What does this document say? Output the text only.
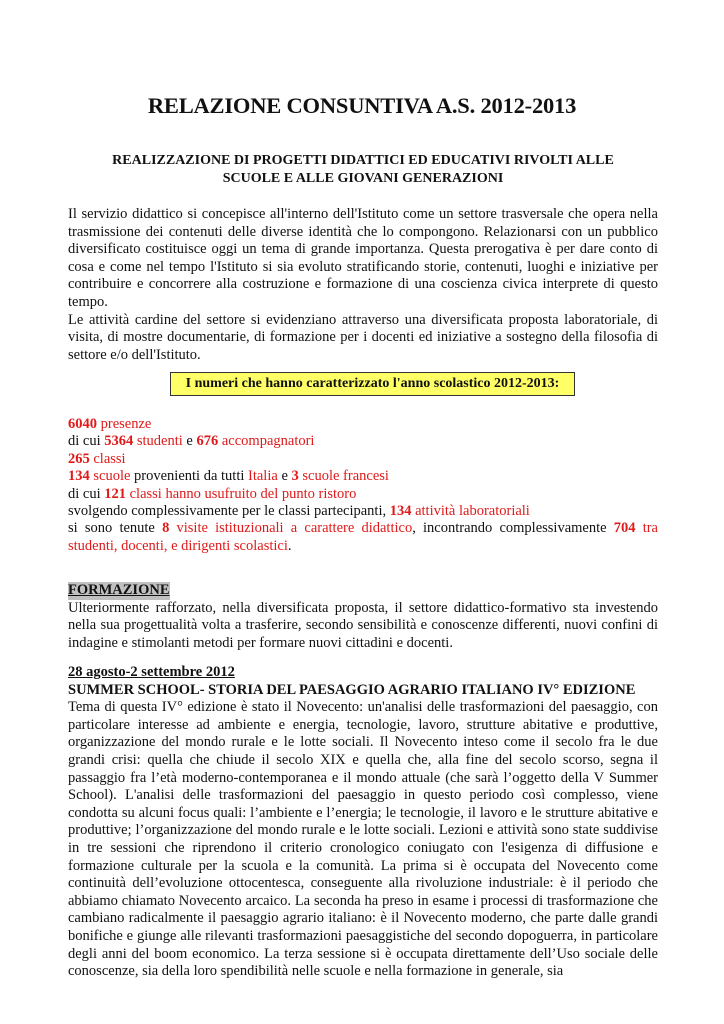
RELAZIONE CONSUNTIVA A.S. 2012-2013
REALIZZAZIONE DI PROGETTI DIDATTICI ED EDUCATIVI RIVOLTI ALLE
SCUOLE E ALLE GIOVANI GENERAZIONI

Il servizio didattico si concepisce all'interno dell'Istituto come un settore trasversale che opera nella trasmissione dei contenuti delle diverse identità che lo compongono. Relazionarsi con un pubblico diversificato costituisce oggi un tema di grande importanza. Questa prerogativa è per dare conto di cosa e come nel tempo l'Istituto si sia evoluto stratificando storie, contenuti, luoghi e iniziative per contribuire e concorrere alla costruzione e formazione di una coscienza civica interprete di questo tempo.

Le attività cardine del settore si evidenziano attraverso una diversificata proposta laboratoriale, di visita, di mostre documentarie, di formazione per i docenti ed iniziative a sostegno della filosofia di settore e/o dell'Istituto.

I numeri che hanno caratterizzato l'anno scolastico 2012-2013:
6040 presenze
di cui 5364 studenti e 676 accompagnatori
265 classi
134 scuole provenienti da tutti Italia e 3 scuole francesi
di cui 121 classi hanno usufruito del punto ristoro
svolgendo complessivamente per le classi partecipanti, 134 attività laboratoriali
si sono tenute 8 visite istituzionali a carattere didattico, incontrando complessivamente 704 tra
studenti, docenti, e dirigenti scolastici.
FORMAZIONE

Ulteriormente rafforzato, nella diversificata proposta, il settore didattico-formativo sta investendo nella sua progettualità volta a trasferire, secondo sensibilità e conoscenze differenti, nuovi confini di indagine e stimolanti metodi per formare nuovi cittadini e docenti.

28 agosto-2 settembre 2012

SUMMER SCHOOL- STORIA DEL PAESAGGIO AGRARIO ITALIANO IV° EDIZIONE

Tema di questa IV° edizione è stato il Novecento: un'analisi delle trasformazioni del paesaggio, con particolare interesse ad ambiente e energia, tecnologie, lavoro, strutture abitative e produttive, organizzazione del mondo rurale e le lotte sociali. Il Novecento inteso come il secolo fra le due grandi crisi: quella che chiude il secolo XIX e quella che, alla fine del secolo scorso, segna il passaggio fra l’età moderno-contemporanea e il mondo attuale (che sarà l’oggetto della V Summer School). L'analisi delle trasformazioni del paesaggio in questo periodo così complesso, viene condotta su alcuni focus quali: l’ambiente e l’energia; le tecnologie, il lavoro e le strutture abitative e produttive; l’organizzazione del mondo rurale e le lotte sociali. Lezioni e attività sono state suddivise in tre sessioni che riprendono il criterio cronologico coniugato con l'esigenza di diffusione e formazione culturale per la scuola e la comunità. La prima si è occupata del Novecento come continuità dell’evoluzione ottocentesca, conseguente alla rivoluzione industriale: è il periodo che abbiamo chiamato Novecento arcaico. La seconda ha preso in esame i processi di trasformazione che cambiano radicalmente il paesaggio agrario italiano: è il Novecento moderno, che parte dalle grandi bonifiche e giunge alle rilevanti trasformazioni paesaggistiche del secondo dopoguerra, in particolare degli anni del boom economico. La terza sessione si è occupata direttamente dell’Uso sociale delle conoscenze, sia della loro spendibilità nelle scuole e nella formazione in generale, sia
